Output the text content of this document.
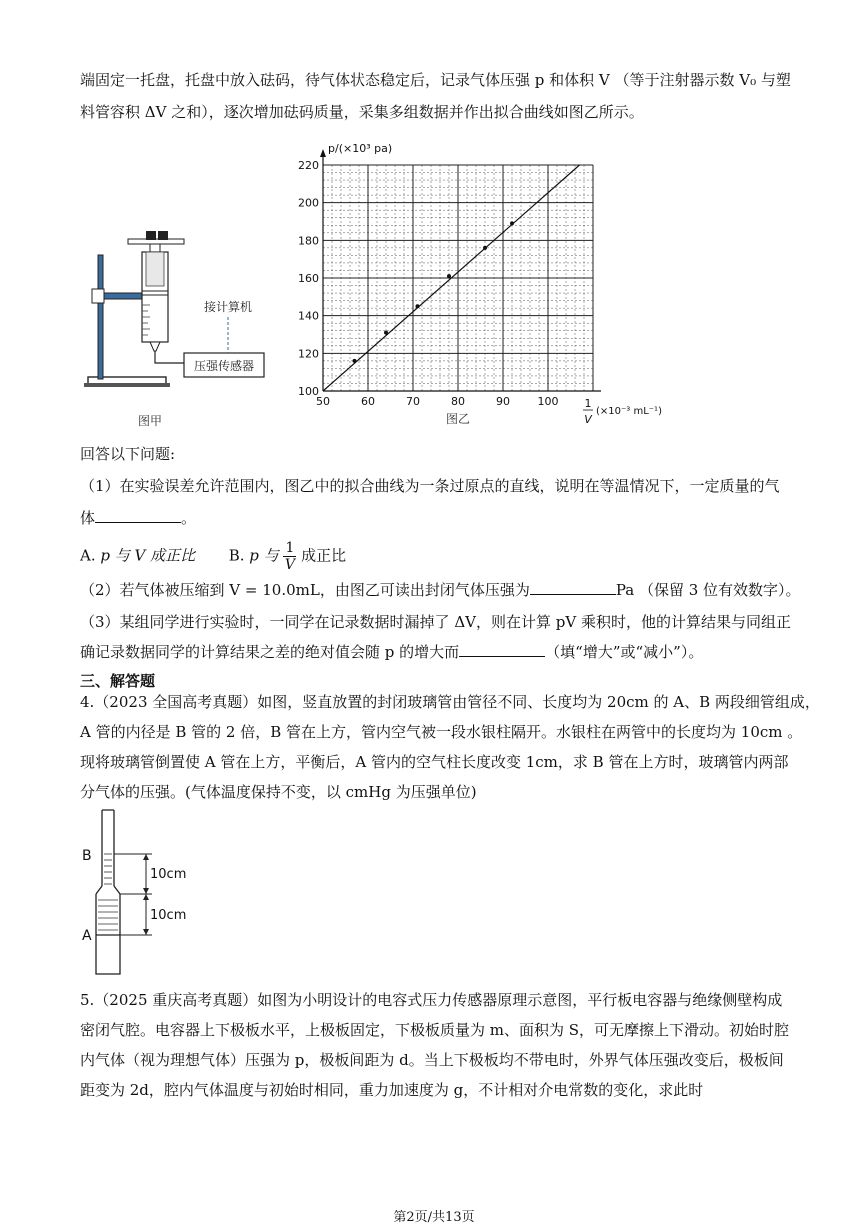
端固定一托盘，托盘中放入砝码，待气体状态稳定后，记录气体压强 p 和体积 V （等于注射器示数 V₀ 与塑
料管容积 ΔV 之和），逐次增加砝码质量，采集多组数据并作出拟合曲线如图乙所示。
压强传感器
接计算机
图甲
50	60	70	80	90	100
100
120
140
160
180
200
220
p/(×10³ pa)
1
V
(×10⁻³ mL⁻¹)
图乙
回答以下问题:
（1）在实验误差允许范围内，图乙中的拟合曲线为一条过原点的直线，说明在等温情况下，一定质量的气
体	。
A. p 与 V 成正比 B. p 与 $\frac{1}{V}$ 成正比
（2）若气体被压缩到 V = 10.0mL，由图乙可读出封闭气体压强为	Pa （保留 3 位有效数字）。
（3）某组同学进行实验时，一同学在记录数据时漏掉了 ΔV，则在计算 pV 乘积时，他的计算结果与同组正
确记录数据同学的计算结果之差的绝对值会随 p 的增大而	（填“增大”或“减小”）。
三、解答题
4.（2023 全国高考真题）如图，竖直放置的封闭玻璃管由管径不同、长度均为 20cm 的 A、B 两段细管组成，
A 管的内径是 B 管的 2 倍，B 管在上方，管内空气被一段水银柱隔开。水银柱在两管中的长度均为 10cm 。
现将玻璃管倒置使 A 管在上方，平衡后，A 管内的空气柱长度改变 1cm，求 B 管在上方时，玻璃管内两部
分气体的压强。(气体温度保持不变，以 cmHg 为压强单位)
B
A
10cm
10cm
5.（2025 重庆高考真题）如图为小明设计的电容式压力传感器原理示意图，平行板电容器与绝缘侧壁构成
密闭气腔。电容器上下极板水平，上极板固定，下极板质量为 m、面积为 S，可无摩擦上下滑动。初始时腔
内气体（视为理想气体）压强为 p，极板间距为 d。当上下极板均不带电时，外界气体压强改变后，极板间
距变为 2d，腔内气体温度与初始时相同，重力加速度为 g，不计相对介电常数的变化，求此时
第2页/共13页
